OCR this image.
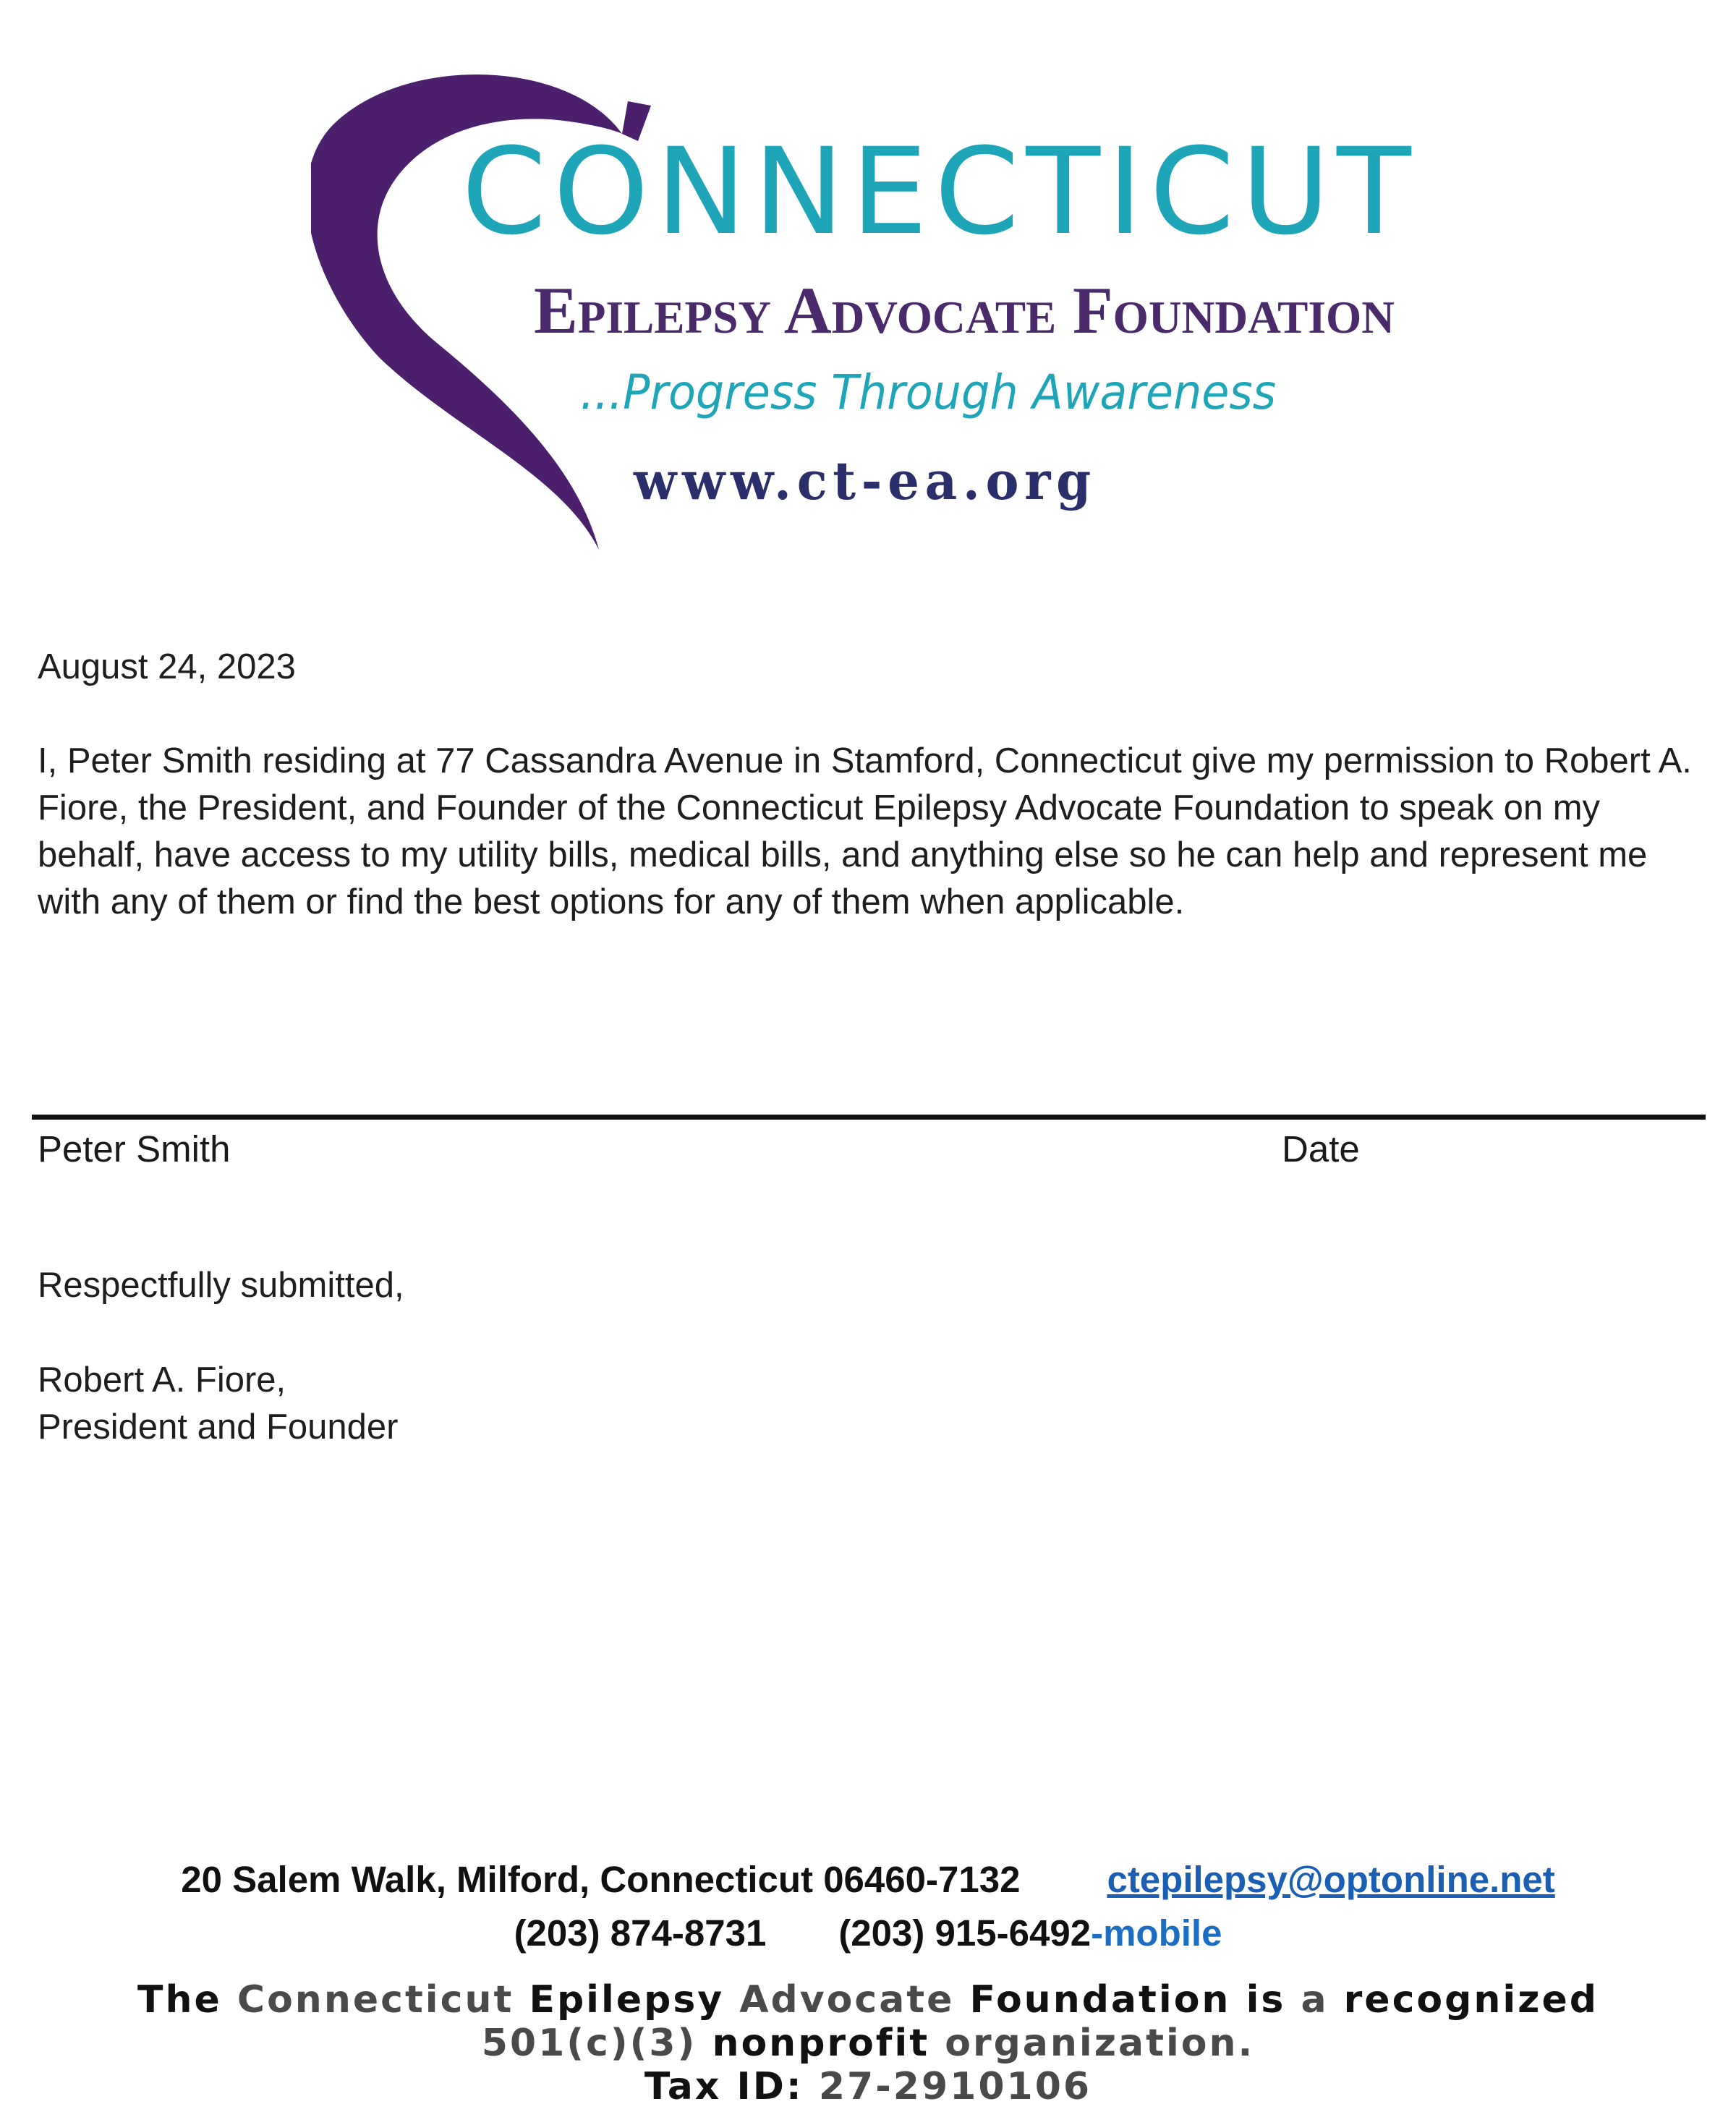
CONNECTICUT
Epilepsy Advocate Foundation
...Progress Through Awareness
www.ct-ea.org
August 24, 2023
I, Peter Smith residing at 77 Cassandra Avenue in Stamford, Connecticut give my permission to Robert A. Fiore, the President, and Founder of the Connecticut Epilepsy Advocate Foundation to speak on my behalf, have access to my utility bills, medical bills, and anything else so he can help and represent me with any of them or find the best options for any of them when applicable.
Peter Smith	Date
Respectfully submitted,
Robert A. Fiore,
President and Founder
20 Salem Walk, Milford, Connecticut 06460-7132 ctepilepsy@optonline.net
(203) 874-8731 (203) 915-6492-mobile
The Connecticut Epilepsy Advocate Foundation is a recognized
501(c)(3) nonprofit organization.
Tax ID: 27-2910106
